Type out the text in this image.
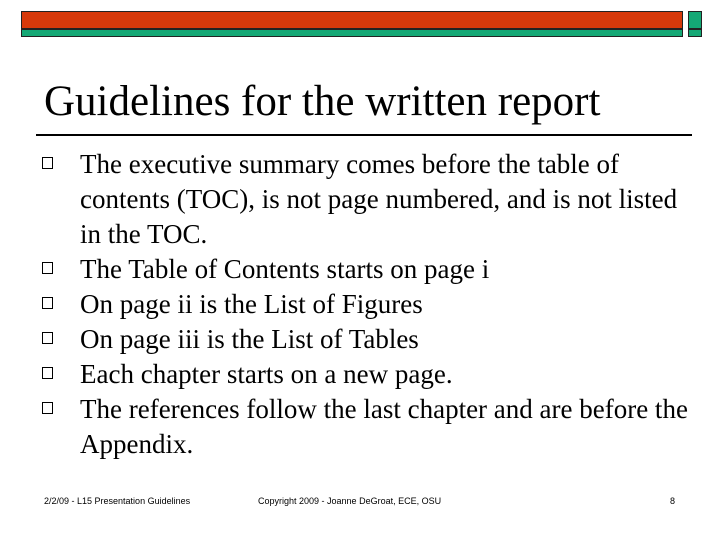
Guidelines for the written report
The executive summary comes before the table of contents (TOC), is not page numbered, and is not listed in the TOC.
The Table of Contents starts on page i
On page ii is the List of Figures
On page iii is the List of Tables
Each chapter starts on a new page.
The references follow the last chapter and are before the Appendix.
2/2/09 - L15 Presentation Guidelines	Copyright 2009 - Joanne DeGroat, ECE, OSU	8
